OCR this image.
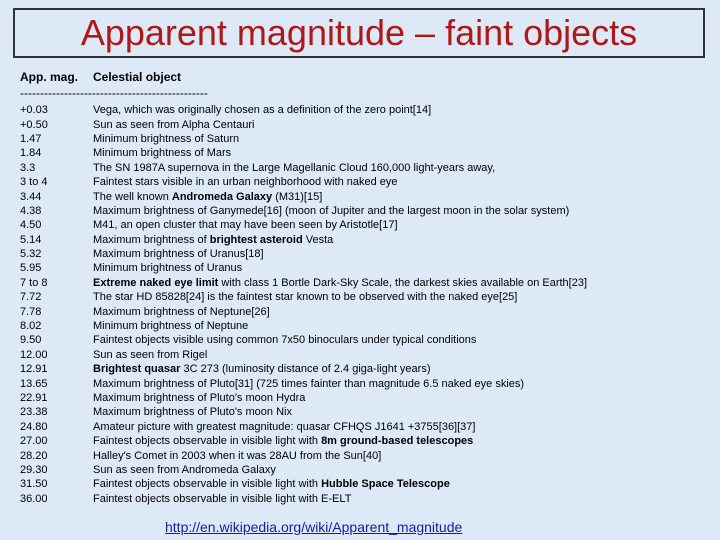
Apparent magnitude – faint objects
App. mag. Celestial object
-----------------------------------------------
+0.03	Vega, which was originally chosen as a definition of the zero point[14]
+0.50	Sun as seen from Alpha Centauri
1.47	Minimum brightness of Saturn
1.84	Minimum brightness of Mars
3.3	The SN 1987A supernova in the Large Magellanic Cloud 160,000 light-years away,
3 to 4	Faintest stars visible in an urban neighborhood with naked eye
3.44	The well known Andromeda Galaxy (M31)[15]
4.38	Maximum brightness of Ganymede[16] (moon of Jupiter and the largest moon in the solar system)
4.50	M41, an open cluster that may have been seen by Aristotle[17]
5.14	Maximum brightness of brightest asteroid Vesta
5.32	Maximum brightness of Uranus[18]
5.95	Minimum brightness of Uranus
7 to 8	Extreme naked eye limit with class 1 Bortle Dark-Sky Scale, the darkest skies available on Earth[23]
7.72	The star HD 85828[24] is the faintest star known to be observed with the naked eye[25]
7.78	Maximum brightness of Neptune[26]
8.02	Minimum brightness of Neptune
9.50	Faintest objects visible using common 7x50 binoculars under typical conditions
12.00	Sun as seen from Rigel
12.91	Brightest quasar 3C 273 (luminosity distance of 2.4 giga-light years)
13.65	Maximum brightness of Pluto[31] (725 times fainter than magnitude 6.5 naked eye skies)
22.91	Maximum brightness of Pluto's moon Hydra
23.38	Maximum brightness of Pluto's moon Nix
24.80	Amateur picture with greatest magnitude: quasar CFHQS J1641 +3755[36][37]
27.00	Faintest objects observable in visible light with 8m ground-based telescopes
28.20	Halley's Comet in 2003 when it was 28AU from the Sun[40]
29.30	Sun as seen from Andromeda Galaxy
31.50	Faintest objects observable in visible light with Hubble Space Telescope
36.00	Faintest objects observable in visible light with E-ELT
http://en.wikipedia.org/wiki/Apparent_magnitude
